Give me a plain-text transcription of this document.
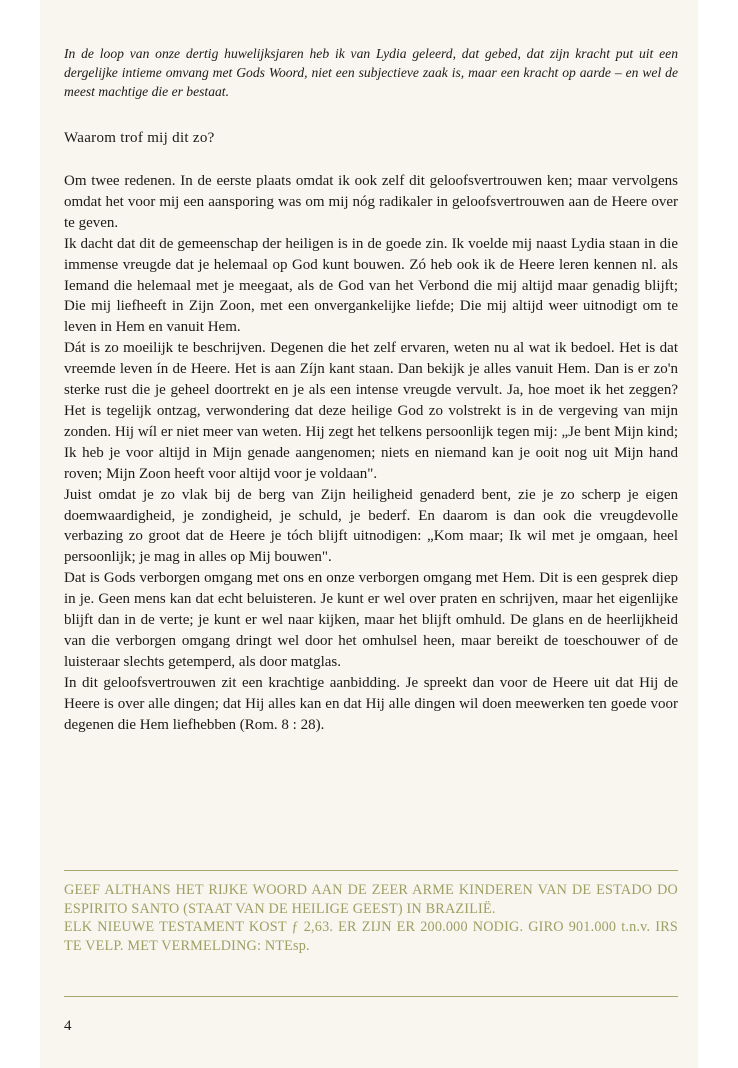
In de loop van onze dertig huwelijksjaren heb ik van Lydia geleerd, dat gebed, dat zijn kracht put uit een dergelijke intieme omvang met Gods Woord, niet een subjectieve zaak is, maar een kracht op aarde – en wel de meest machtige die er bestaat.

Waarom trof mij dit zo?

Om twee redenen. In de eerste plaats omdat ik ook zelf dit geloofsvertrouwen ken; maar vervolgens omdat het voor mij een aansporing was om mij nóg radikaler in geloofsvertrouwen aan de Heere over te geven.

Ik dacht dat dit de gemeenschap der heiligen is in de goede zin. Ik voelde mij naast Lydia staan in die immense vreugde dat je helemaal op God kunt bouwen. Zó heb ook ik de Heere leren kennen nl. als Iemand die helemaal met je meegaat, als de God van het Verbond die mij altijd maar genadig blijft; Die mij liefheeft in Zijn Zoon, met een onvergankelijke liefde; Die mij altijd weer uitnodigt om te leven in Hem en vanuit Hem.

Dát is zo moeilijk te beschrijven. Degenen die het zelf ervaren, weten nu al wat ik bedoel. Het is dat vreemde leven ín de Heere. Het is aan Zíjn kant staan. Dan bekijk je alles vanuit Hem. Dan is er zo'n sterke rust die je geheel doortrekt en je als een intense vreugde vervult. Ja, hoe moet ik het zeggen? Het is tegelijk ontzag, verwondering dat deze heilige God zo volstrekt is in de vergeving van mijn zonden. Hij wíl er niet meer van weten. Hij zegt het telkens persoonlijk tegen mij: „Je bent Mijn kind; Ik heb je voor altijd in Mijn genade aangenomen; niets en niemand kan je ooit nog uit Mijn hand roven; Mijn Zoon heeft voor altijd voor je voldaan".

Juist omdat je zo vlak bij de berg van Zijn heiligheid genaderd bent, zie je zo scherp je eigen doemwaardigheid, je zondigheid, je schuld, je bederf. En daarom is dan ook die vreugdevolle verbazing zo groot dat de Heere je tóch blijft uitnodigen: „Kom maar; Ik wil met je omgaan, heel persoonlijk; je mag in alles op Mij bouwen".

Dat is Gods verborgen omgang met ons en onze verborgen omgang met Hem. Dit is een gesprek diep in je. Geen mens kan dat echt beluisteren. Je kunt er wel over praten en schrijven, maar het eigenlijke blijft dan in de verte; je kunt er wel naar kijken, maar het blijft omhuld. De glans en de heerlijkheid van die verborgen omgang dringt wel door het omhulsel heen, maar bereikt de toeschouwer of de luisteraar slechts getemperd, als door matglas.

In dit geloofsvertrouwen zit een krachtige aanbidding. Je spreekt dan voor de Heere uit dat Hij de Heere is over alle dingen; dat Hij alles kan en dat Hij alle dingen wil doen meewerken ten goede voor degenen die Hem liefhebben (Rom. 8 : 28).

GEEF ALTHANS HET RIJKE WOORD AAN DE ZEER ARME KINDEREN VAN DE ESTADO DO ESPIRITO SANTO (STAAT VAN DE HEILIGE GEEST) IN BRAZILIË.

ELK NIEUWE TESTAMENT KOST ƒ 2,63. ER ZIJN ER 200.000 NODIG. GIRO 901.000 t.n.v. IRS TE VELP. MET VERMELDING: NTEsp.

4
